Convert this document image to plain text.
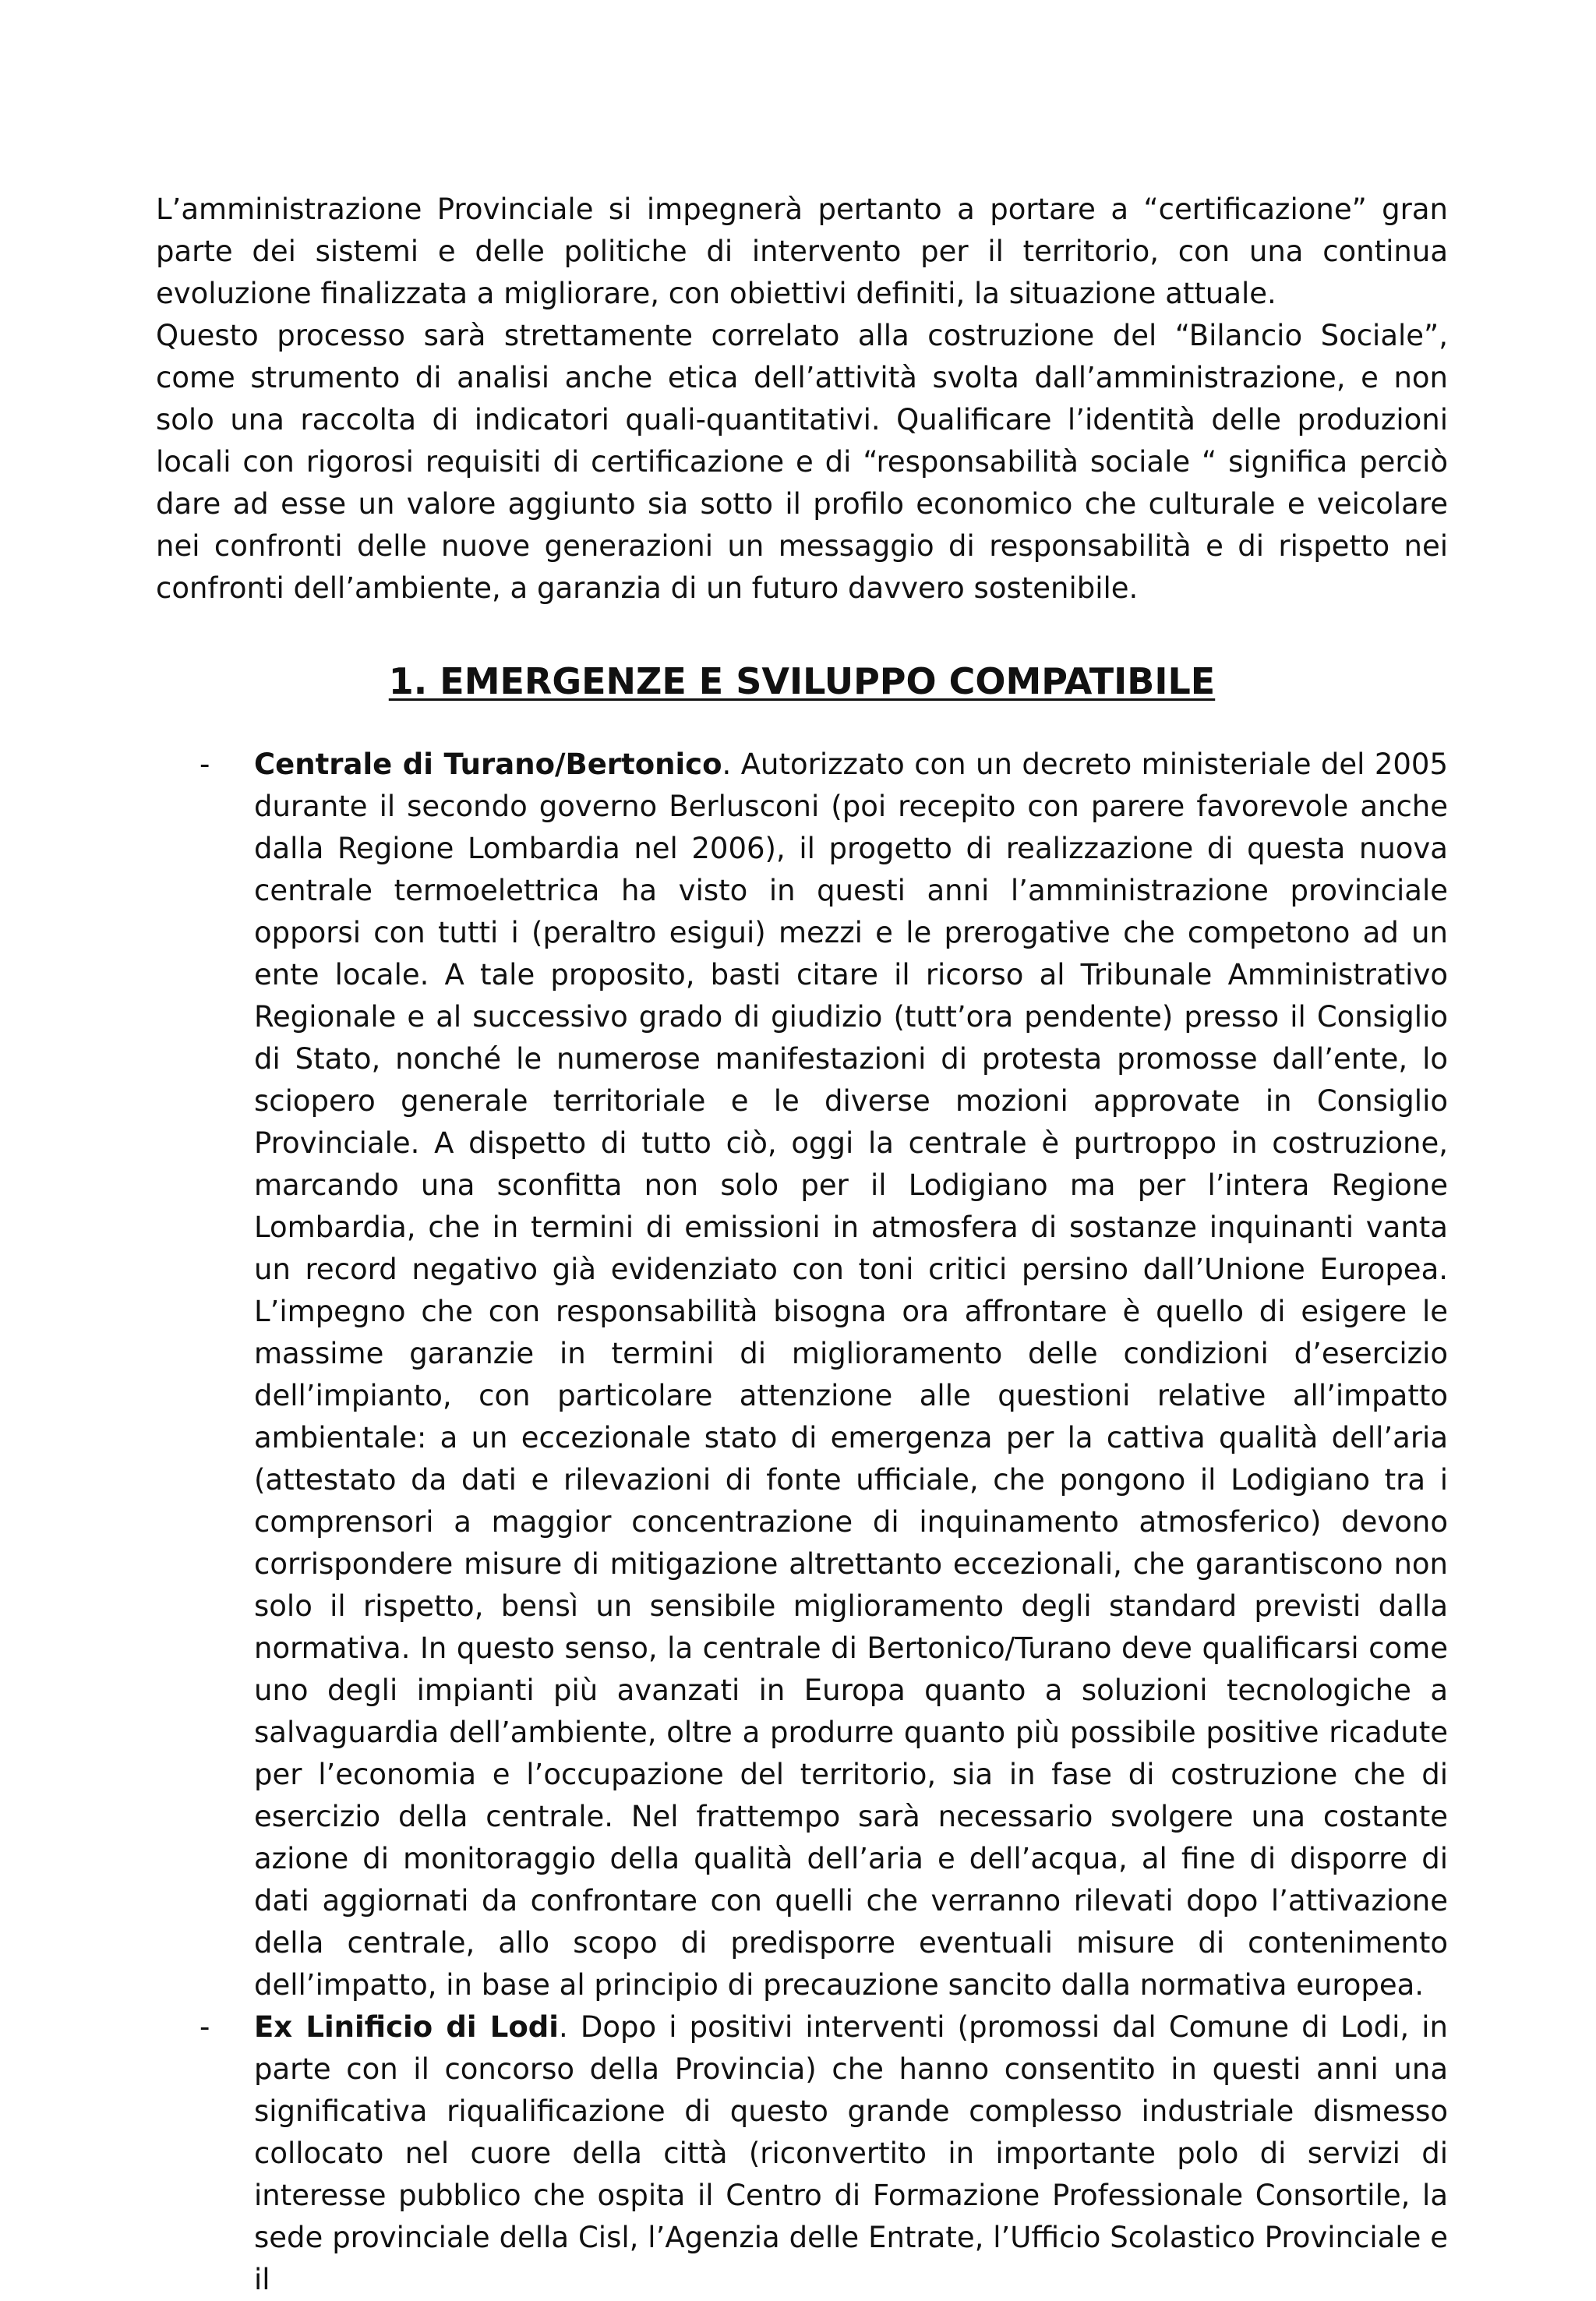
L’amministrazione Provinciale si impegnerà pertanto a portare a “certificazione” gran parte dei sistemi e delle politiche di intervento per il territorio, con una continua evoluzione finalizzata a migliorare, con obiettivi definiti, la situazione attuale.

Questo processo sarà strettamente correlato alla costruzione del “Bilancio Sociale”, come strumento di analisi anche etica dell’attività svolta dall’amministrazione, e non solo una raccolta di indicatori quali-quantitativi. Qualificare l’identità delle produzioni locali con rigorosi requisiti di certificazione e di “responsabilità sociale “ significa perciò dare ad esse un valore aggiunto sia sotto il profilo economico che culturale e veicolare nei confronti delle nuove generazioni un messaggio di responsabilità e di rispetto nei confronti dell’ambiente, a garanzia di un futuro davvero sostenibile.

1. EMERGENZE E SVILUPPO COMPATIBILE
- Centrale di Turano/Bertonico. Autorizzato con un decreto ministeriale del 2005 durante il secondo governo Berlusconi (poi recepito con parere favorevole anche dalla Regione Lombardia nel 2006), il progetto di realizzazione di questa nuova centrale termoelettrica ha visto in questi anni l’amministrazione provinciale opporsi con tutti i (peraltro esigui) mezzi e le prerogative che competono ad un ente locale. A tale proposito, basti citare il ricorso al Tribunale Amministrativo Regionale e al successivo grado di giudizio (tutt’ora pendente) presso il Consiglio di Stato, nonché le numerose manifestazioni di protesta promosse dall’ente, lo sciopero generale territoriale e le diverse mozioni approvate in Consiglio Provinciale. A dispetto di tutto ciò, oggi la centrale è purtroppo in costruzione, marcando una sconfitta non solo per il Lodigiano ma per l’intera Regione Lombardia, che in termini di emissioni in atmosfera di sostanze inquinanti vanta un record negativo già evidenziato con toni critici persino dall’Unione Europea. L’impegno che con responsabilità bisogna ora affrontare è quello di esigere le massime garanzie in termini di miglioramento delle condizioni d’esercizio dell’impianto, con particolare attenzione alle questioni relative all’impatto ambientale: a un eccezionale stato di emergenza per la cattiva qualità dell’aria (attestato da dati e rilevazioni di fonte ufficiale, che pongono il Lodigiano tra i comprensori a maggior concentrazione di inquinamento atmosferico) devono corrispondere misure di mitigazione altrettanto eccezionali, che garantiscono non solo il rispetto, bensì un sensibile miglioramento degli standard previsti dalla normativa. In questo senso, la centrale di Bertonico/Turano deve qualificarsi come uno degli impianti più avanzati in Europa quanto a soluzioni tecnologiche a salvaguardia dell’ambiente, oltre a produrre quanto più possibile positive ricadute per l’economia e l’occupazione del territorio, sia in fase di costruzione che di esercizio della centrale. Nel frattempo sarà necessario svolgere una costante azione di monitoraggio della qualità dell’aria e dell’acqua, al fine di disporre di dati aggiornati da confrontare con quelli che verranno rilevati dopo l’attivazione della centrale, allo scopo di predisporre eventuali misure di contenimento dell’impatto, in base al principio di precauzione sancito dalla normativa europea.
- Ex Linificio di Lodi. Dopo i positivi interventi (promossi dal Comune di Lodi, in parte con il concorso della Provincia) che hanno consentito in questi anni una significativa riqualificazione di questo grande complesso industriale dismesso collocato nel cuore della città (riconvertito in importante polo di servizi di interesse pubblico che ospita il Centro di Formazione Professionale Consortile, la sede provinciale della Cisl, l’Agenzia delle Entrate, l’Ufficio Scolastico Provinciale e il
